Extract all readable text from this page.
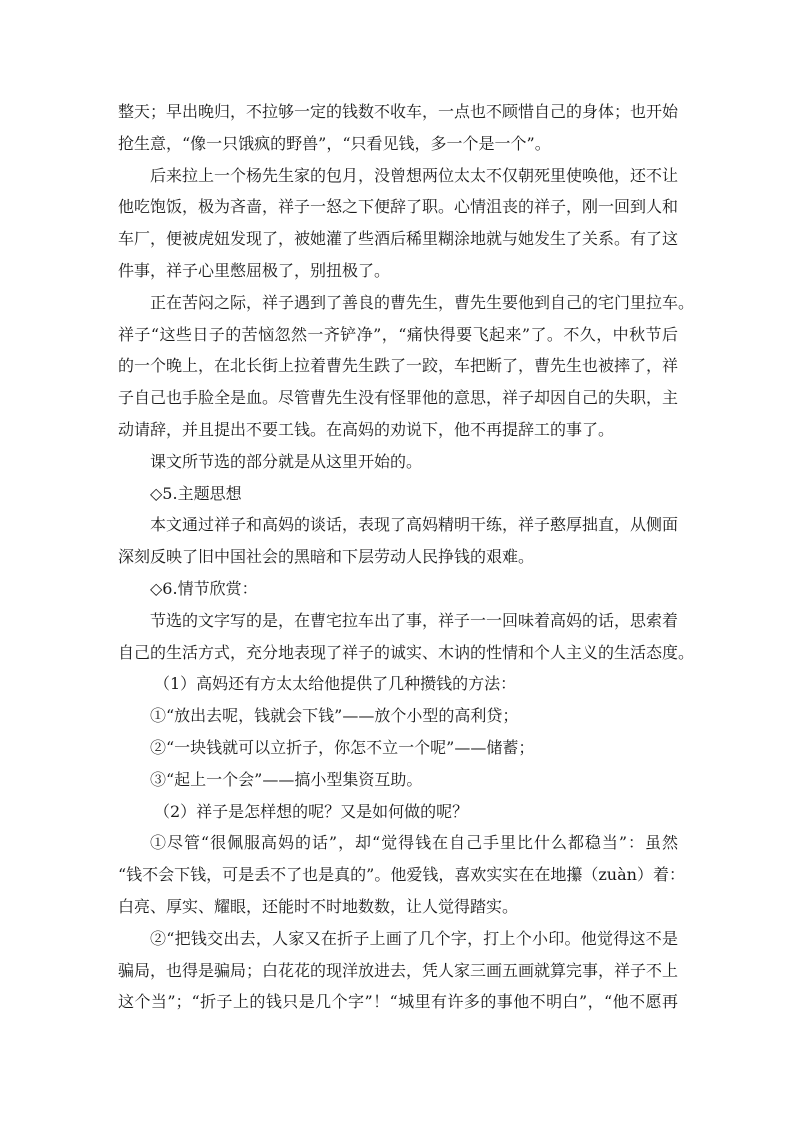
整天；早出晚归，不拉够一定的钱数不收车，一点也不顾惜自己的身体；也开始
抢生意，“像一只饿疯的野兽”，“只看见钱，多一个是一个”。
后来拉上一个杨先生家的包月，没曾想两位太太不仅朝死里使唤他，还不让
他吃饱饭，极为吝啬，祥子一怒之下便辞了职。心情沮丧的祥子，刚一回到人和
车厂，便被虎妞发现了，被她灌了些酒后稀里糊涂地就与她发生了关系。有了这
件事，祥子心里憋屈极了，别扭极了。
正在苦闷之际，祥子遇到了善良的曹先生，曹先生要他到自己的宅门里拉车。
祥子“这些日子的苦恼忽然一齐铲净”，“痛快得要飞起来”了。不久，中秋节后
的一个晚上，在北长街上拉着曹先生跌了一跤，车把断了，曹先生也被摔了，祥
子自己也手脸全是血。尽管曹先生没有怪罪他的意思，祥子却因自己的失职，主
动请辞，并且提出不要工钱。在高妈的劝说下，他不再提辞工的事了。
课文所节选的部分就是从这里开始的。
◇5.主题思想
本文通过祥子和高妈的谈话，表现了高妈精明干练，祥子憨厚拙直，从侧面
深刻反映了旧中国社会的黑暗和下层劳动人民挣钱的艰难。
◇6.情节欣赏：
节选的文字写的是，在曹宅拉车出了事，祥子一一回味着高妈的话，思索着
自己的生活方式，充分地表现了祥子的诚实、木讷的性情和个人主义的生活态度。
（1）高妈还有方太太给他提供了几种攒钱的方法：
①“放出去呢，钱就会下钱”——放个小型的高利贷；
②“一块钱就可以立折子，你怎不立一个呢”——储蓄；
③“起上一个会”——搞小型集资互助。
（2）祥子是怎样想的呢？又是如何做的呢？
①尽管“很佩服高妈的话”，却“觉得钱在自己手里比什么都稳当”：虽然
“钱不会下钱，可是丢不了也是真的”。他爱钱，喜欢实实在在地攥（zuàn）着：
白亮、厚实、耀眼，还能时不时地数数，让人觉得踏实。
②“把钱交出去，人家又在折子上画了几个字，打上个小印。他觉得这不是
骗局，也得是骗局；白花花的现洋放进去，凭人家三画五画就算完事，祥子不上
这个当”；“折子上的钱只是几个字”！“城里有许多的事他不明白”，“他不愿再
